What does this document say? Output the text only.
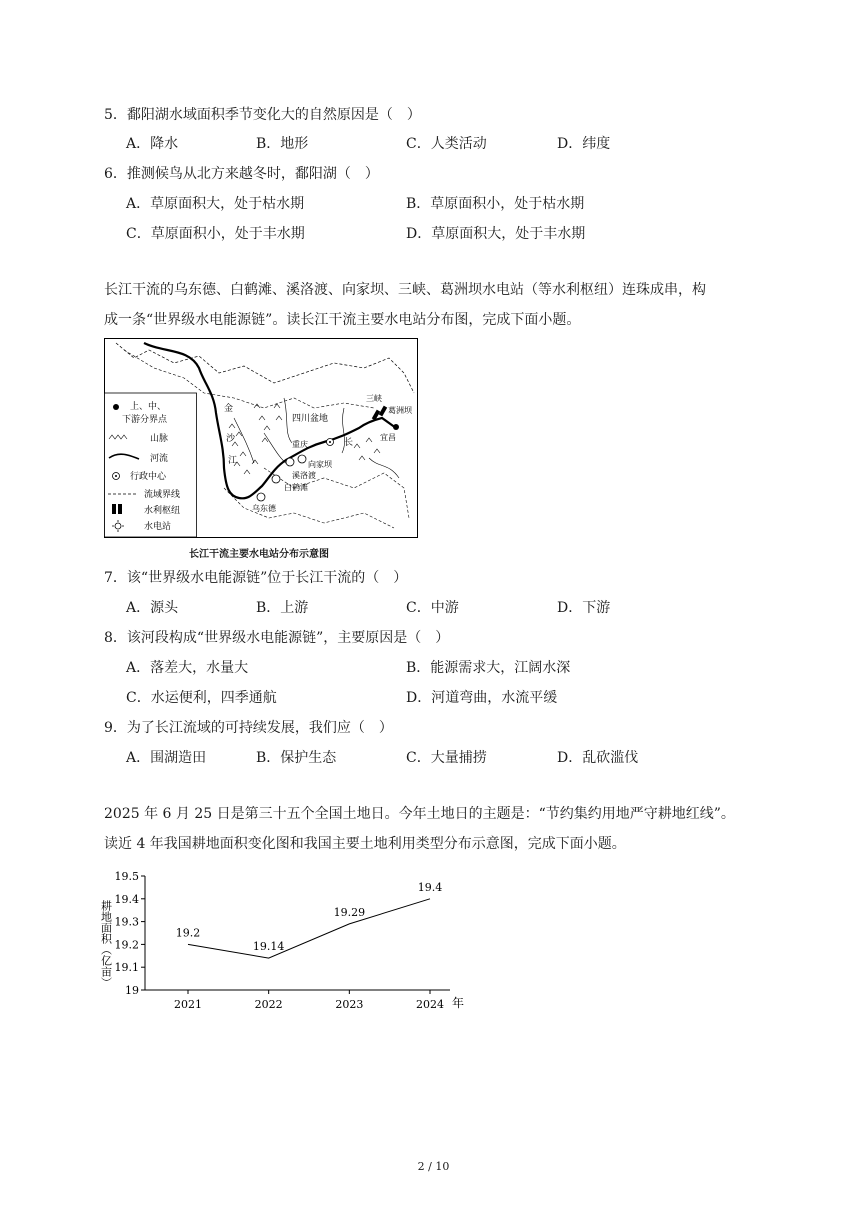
5．鄱阳湖水域面积季节变化大的自然原因是（　）
A．降水	B．地形	C．人类活动	D．纬度
6．推测候鸟从北方来越冬时，鄱阳湖（　）
A．草原面积大，处于枯水期	B．草原面积小，处于枯水期
C．草原面积小，处于丰水期	D．草原面积大，处于丰水期
长江干流的乌东德、白鹤滩、溪洛渡、向家坝、三峡、葛洲坝水电站（等水利枢纽）连珠成串，构
成一条“世界级水电能源链”。读长江干流主要水电站分布图，完成下面小题。
上、中、
下游分界点
山脉
河流
行政中心
流域界线
水利枢纽
水电站
金
沙
江
四川盆地
重庆	长
三峡
葛洲坝
宜昌
向家坝
溪洛渡
白鹤滩
乌东德
长江干流主要水电站分布示意图
7．该“世界级水电能源链”位于长江干流的（　）
A．源头	B．上游	C．中游	D．下游
8．该河段构成“世界级水电能源链”，主要原因是（　）
A．落差大，水量大	B．能源需求大，江阔水深
C．水运便利，四季通航	D．河道弯曲，水流平缓
9．为了长江流域的可持续发展，我们应（　）
A．围湖造田	B．保护生态	C．大量捕捞	D．乱砍滥伐
2025 年 6 月 25 日是第三十五个全国土地日。今年土地日的主题是：“节约集约用地严守耕地红线”。
读近 4 年我国耕地面积变化图和我国主要土地利用类型分布示意图，完成下面小题。
19
19.1
19.2
19.3
19.4
19.5
2021	2022	2023	2024 年
耕地面积（亿亩）	19.2
19.14
19.29
19.4
2 / 10
